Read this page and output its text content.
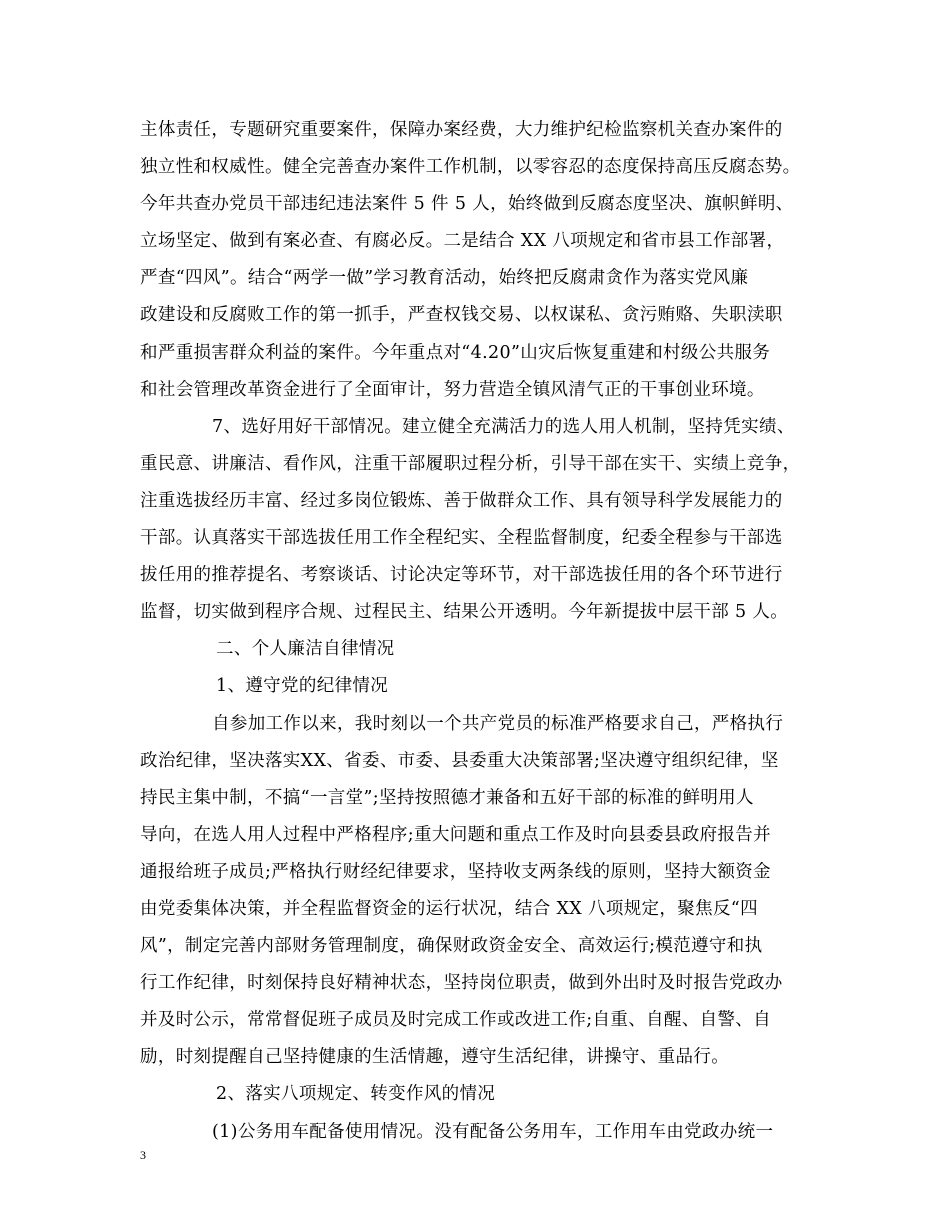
主体责任，专题研究重要案件，保障办案经费，大力维护纪检监察机关查办案件的
独立性和权威性。健全完善查办案件工作机制，以零容忍的态度保持高压反腐态势。
今年共查办党员干部违纪违法案件 5 件 5 人，始终做到反腐态度坚决、旗帜鲜明、
立场坚定、做到有案必查、有腐必反。二是结合 XX 八项规定和省市县工作部署，
严查“四风”。结合“两学一做”学习教育活动，始终把反腐肃贪作为落实党风廉
政建设和反腐败工作的第一抓手，严查权钱交易、以权谋私、贪污贿赂、失职渎职
和严重损害群众利益的案件。今年重点对“4.20”山灾后恢复重建和村级公共服务
和社会管理改革资金进行了全面审计，努力营造全镇风清气正的干事创业环境。
7、选好用好干部情况。建立健全充满活力的选人用人机制，坚持凭实绩、
重民意、讲廉洁、看作风，注重干部履职过程分析，引导干部在实干、实绩上竞争，
注重选拔经历丰富、经过多岗位锻炼、善于做群众工作、具有领导科学发展能力的
干部。认真落实干部选拔任用工作全程纪实、全程监督制度，纪委全程参与干部选
拔任用的推荐提名、考察谈话、讨论决定等环节，对干部选拔任用的各个环节进行
监督，切实做到程序合规、过程民主、结果公开透明。今年新提拔中层干部 5 人。
二、个人廉洁自律情况
1、遵守党的纪律情况
自参加工作以来，我时刻以一个共产党员的标准严格要求自己，严格执行
政治纪律，坚决落实XX、省委、市委、县委重大决策部署;坚决遵守组织纪律，坚
持民主集中制，不搞“一言堂”;坚持按照德才兼备和五好干部的标准的鲜明用人
导向，在选人用人过程中严格程序;重大问题和重点工作及时向县委县政府报告并
通报给班子成员;严格执行财经纪律要求，坚持收支两条线的原则，坚持大额资金
由党委集体决策，并全程监督资金的运行状况，结合 XX 八项规定，聚焦反“四
风”，制定完善内部财务管理制度，确保财政资金安全、高效运行;模范遵守和执
行工作纪律，时刻保持良好精神状态，坚持岗位职责，做到外出时及时报告党政办
并及时公示，常常督促班子成员及时完成工作或改进工作;自重、自醒、自警、自
励，时刻提醒自己坚持健康的生活情趣，遵守生活纪律，讲操守、重品行。
2、落实八项规定、转变作风的情况
(1)公务用车配备使用情况。没有配备公务用车，工作用车由党政办统一
3
